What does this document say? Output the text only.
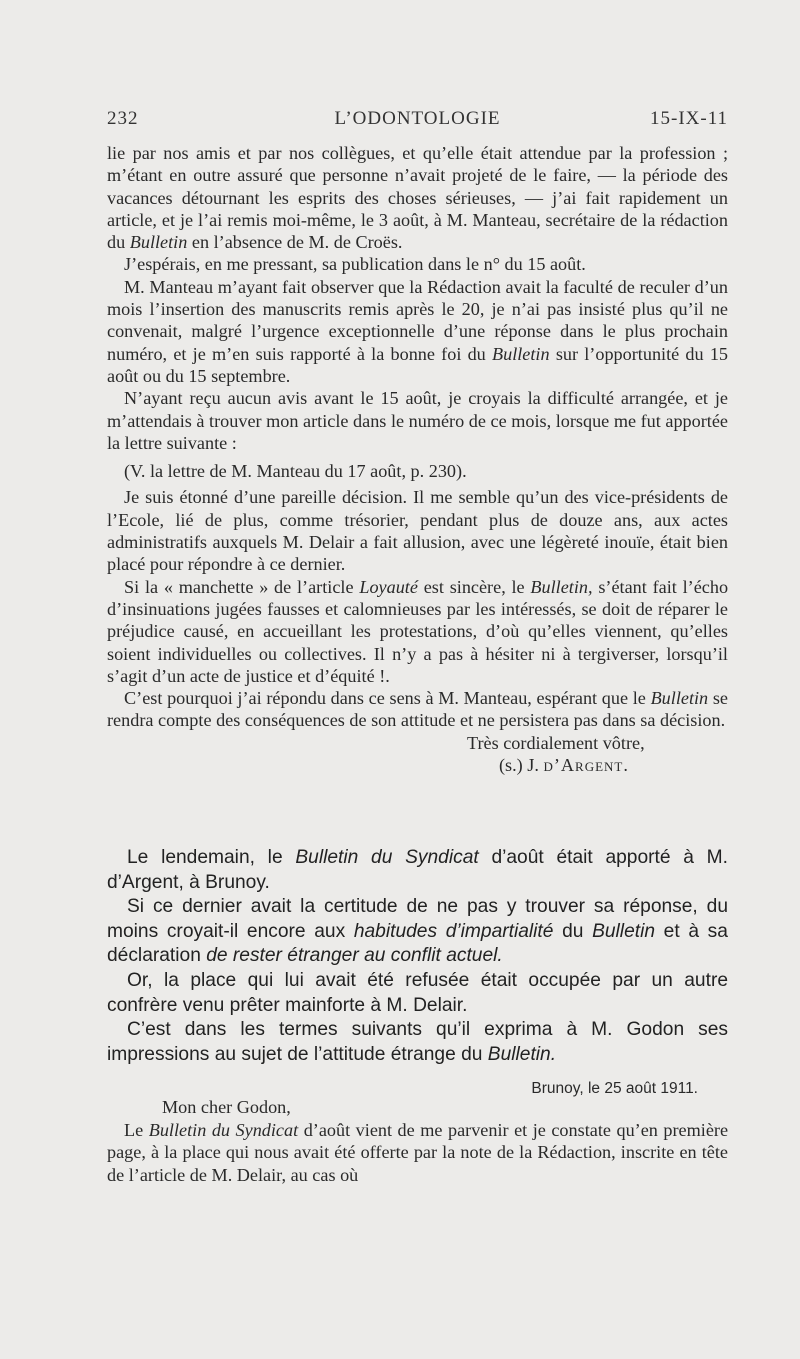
232	L’ODONTOLOGIE	15-IX-11

lie par nos amis et par nos collègues, et qu’elle était attendue par la profession ; m’étant en outre assuré que personne n’avait projeté de le faire, — la période des vacances détournant les esprits des choses sérieuses, — j’ai fait rapidement un article, et je l’ai remis moi-même, le 3 août, à M. Manteau, secrétaire de la rédaction du Bulletin en l’absence de M. de Croës.

J’espérais, en me pressant, sa publication dans le n° du 15 août.

M. Manteau m’ayant fait observer que la Rédaction avait la faculté de reculer d’un mois l’insertion des manuscrits remis après le 20, je n’ai pas insisté plus qu’il ne convenait, malgré l’urgence exceptionnelle d’une réponse dans le plus prochain numéro, et je m’en suis rapporté à la bonne foi du Bulletin sur l’opportunité du 15 août ou du 15 septembre.

N’ayant reçu aucun avis avant le 15 août, je croyais la difficulté arrangée, et je m’attendais à trouver mon article dans le numéro de ce mois, lorsque me fut apportée la lettre suivante :

(V. la lettre de M. Manteau du 17 août, p. 230).

Je suis étonné d’une pareille décision. Il me semble qu’un des vice-présidents de l’Ecole, lié de plus, comme trésorier, pendant plus de douze ans, aux actes administratifs auxquels M. Delair a fait allusion, avec une légèreté inouïe, était bien placé pour répondre à ce dernier.

Si la « manchette » de l’article Loyauté est sincère, le Bulletin, s’étant fait l’écho d’insinuations jugées fausses et calomnieuses par les intéressés, se doit de réparer le préjudice causé, en accueillant les protestations, d’où qu’elles viennent, qu’elles soient individuelles ou collectives. Il n’y a pas à hésiter ni à tergiverser, lorsqu’il s’agit d’un acte de justice et d’équité !.

C’est pourquoi j’ai répondu dans ce sens à M. Manteau, espérant que le Bulletin se rendra compte des conséquences de son attitude et ne persistera pas dans sa décision.

Très cordialement vôtre,

(s.) J. d’Argent.

Le lendemain, le Bulletin du Syndicat d’août était apporté à M. d’Argent, à Brunoy.

Si ce dernier avait la certitude de ne pas y trouver sa réponse, du moins croyait-il encore aux habitudes d’impartialité du Bulletin et à sa déclaration de rester étranger au conflit actuel.

Or, la place qui lui avait été refusée était occupée par un autre confrère venu prêter mainforte à M. Delair.

C’est dans les termes suivants qu’il exprima à M. Godon ses impressions au sujet de l’attitude étrange du Bulletin.

Brunoy, le 25 août 1911.
Mon cher Godon,

Le Bulletin du Syndicat d’août vient de me parvenir et je constate qu’en première page, à la place qui nous avait été offerte par la note de la Rédaction, inscrite en tête de l’article de M. Delair, au cas où
